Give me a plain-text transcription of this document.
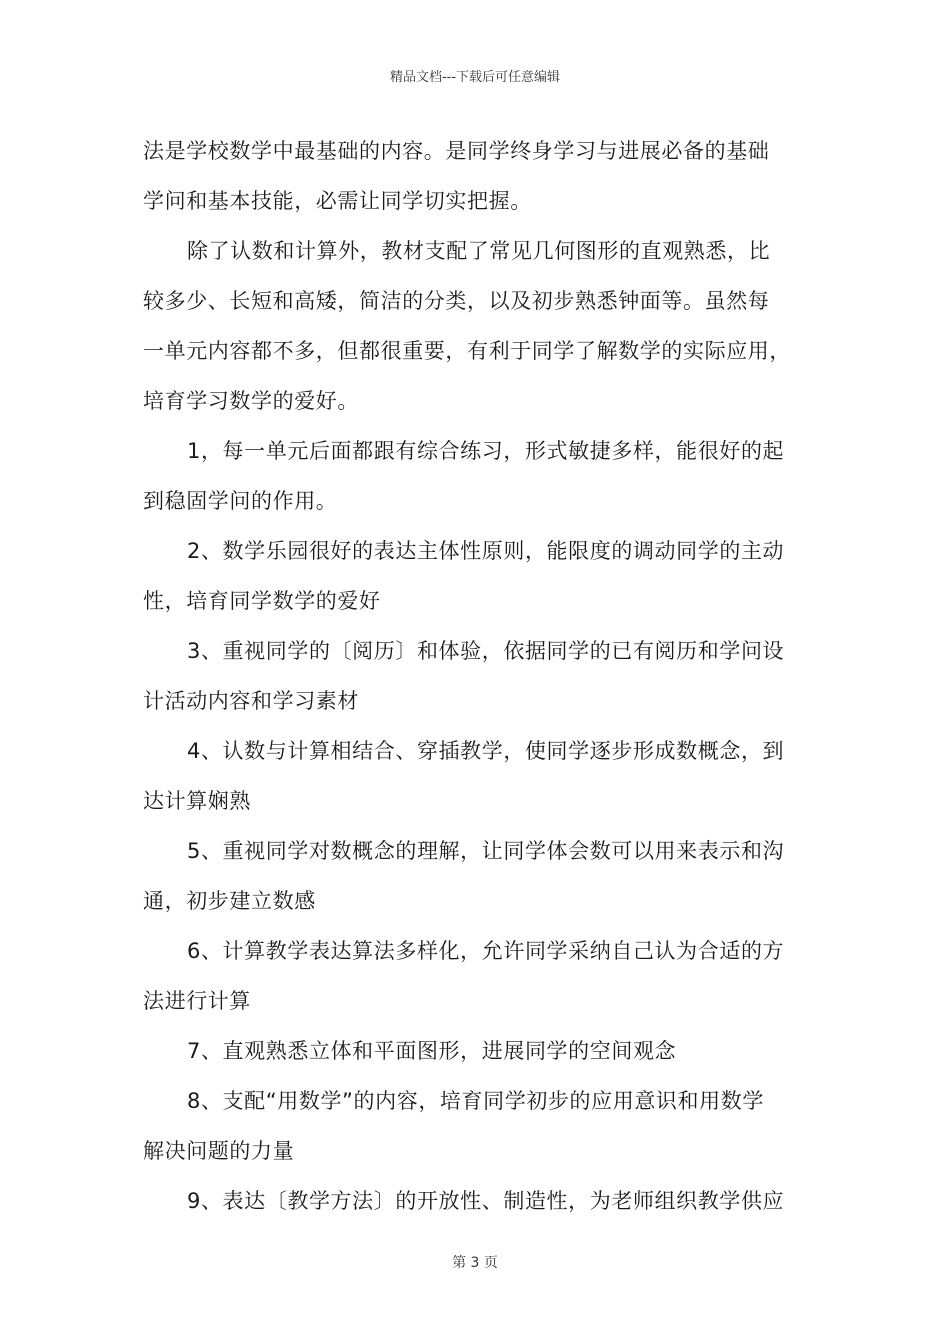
精品文档---下载后可任意编辑
法是学校数学中最基础的内容。是同学终身学习与进展必备的基础
学问和基本技能，必需让同学切实把握。
除了认数和计算外，教材支配了常见几何图形的直观熟悉，比
较多少、长短和高矮，简洁的分类，以及初步熟悉钟面等。虽然每
一单元内容都不多，但都很重要，有利于同学了解数学的实际应用，
培育学习数学的爱好。
1，每一单元后面都跟有综合练习，形式敏捷多样，能很好的起
到稳固学问的作用。
2、数学乐园很好的表达主体性原则，能限度的调动同学的主动
性，培育同学数学的爱好
3、重视同学的〔阅历〕和体验，依据同学的已有阅历和学问设
计活动内容和学习素材
4、认数与计算相结合、穿插教学，使同学逐步形成数概念，到
达计算娴熟
5、重视同学对数概念的理解，让同学体会数可以用来表示和沟
通，初步建立数感
6、计算教学表达算法多样化，允许同学采纳自己认为合适的方
法进行计算
7、直观熟悉立体和平面图形，进展同学的空间观念
8、支配“用数学”的内容，培育同学初步的应用意识和用数学
解决问题的力量
9、表达〔教学方法〕的开放性、制造性，为老师组织教学供应
第 3 页
